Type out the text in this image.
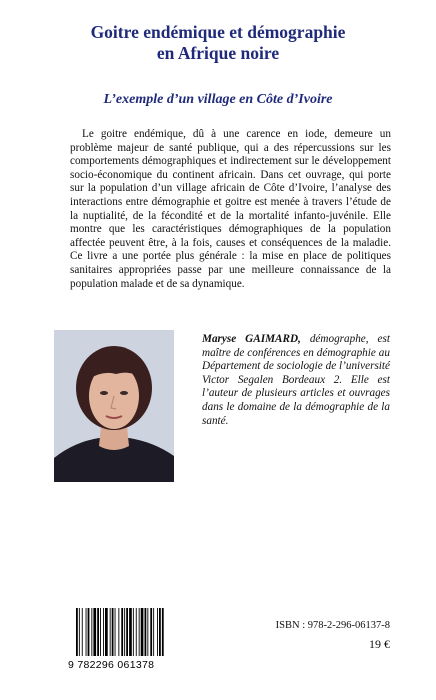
Goitre endémique et démographie
en Afrique noire
L’exemple d’un village en Côte d’Ivoire

Le goitre endémique, dû à une carence en iode, demeure un problème majeur de santé publique, qui a des répercussions sur les comportements démographiques et indirectement sur le développement socio-économique du continent africain. Dans cet ouvrage, qui porte sur la population d’un village africain de Côte d’Ivoire, l’analyse des interactions entre démographie et goitre est menée à travers l’étude de la nuptialité, de la fécondité et de la mortalité infanto-juvénile. Elle montre que les caractéristiques démographiques de la population affectée peuvent être, à la fois, causes et conséquences de la maladie. Ce livre a une portée plus générale : la mise en place de politiques sanitaires appropriées passe par une meilleure connaissance de la population malade et de sa dynamique.

Maryse GAIMARD, démographe, est maître de conférences en démographie au Département de sociologie de l’université Victor Segalen Bordeaux 2. Elle est l’auteur de plusieurs articles et ouvrages dans le domaine de la démographie de la santé.

9 782296 061378
ISBN : 978-2-296-06137-8
19 €
